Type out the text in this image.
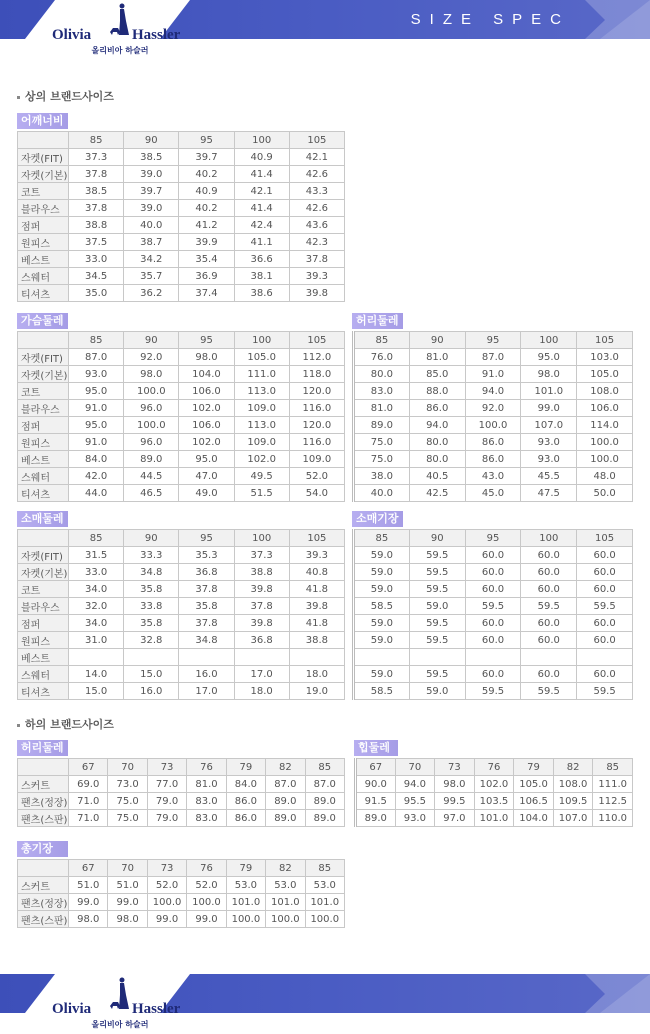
SIZE SPEC
Olivia	Hassler
올리비아 하슬러
상의 브랜드사이즈
하의 브랜드사이즈
어깨너비
	85	90	95	100	105
자켓(FIT)	37.3	38.5	39.7	40.9	42.1
자켓(기본)	37.8	39.0	40.2	41.4	42.6
코트	38.5	39.7	40.9	42.1	43.3
블라우스	37.8	39.0	40.2	41.4	42.6
점퍼	38.8	40.0	41.2	42.4	43.6
원피스	37.5	38.7	39.9	41.1	42.3
베스트	33.0	34.2	35.4	36.6	37.8
스웨터	34.5	35.7	36.9	38.1	39.3
티셔츠	35.0	36.2	37.4	38.6	39.8
가슴둘레
	85	90	95	100	105
자켓(FIT)	87.0	92.0	98.0	105.0	112.0
자켓(기본)	93.0	98.0	104.0	111.0	118.0
코트	95.0	100.0	106.0	113.0	120.0
블라우스	91.0	96.0	102.0	109.0	116.0
점퍼	95.0	100.0	106.0	113.0	120.0
원피스	91.0	96.0	102.0	109.0	116.0
베스트	84.0	89.0	95.0	102.0	109.0
스웨터	42.0	44.5	47.0	49.5	52.0
티셔츠	44.0	46.5	49.0	51.5	54.0
허리둘레
85	90	95	100	105
76.0	81.0	87.0	95.0	103.0
80.0	85.0	91.0	98.0	105.0
83.0	88.0	94.0	101.0	108.0
81.0	86.0	92.0	99.0	106.0
89.0	94.0	100.0	107.0	114.0
75.0	80.0	86.0	93.0	100.0
75.0	80.0	86.0	93.0	100.0
38.0	40.5	43.0	45.5	48.0
40.0	42.5	45.0	47.5	50.0
소매둘레
	85	90	95	100	105
자켓(FIT)	31.5	33.3	35.3	37.3	39.3
자켓(기본)	33.0	34.8	36.8	38.8	40.8
코트	34.0	35.8	37.8	39.8	41.8
블라우스	32.0	33.8	35.8	37.8	39.8
점퍼	34.0	35.8	37.8	39.8	41.8
원피스	31.0	32.8	34.8	36.8	38.8
베스트					
스웨터	14.0	15.0	16.0	17.0	18.0
티셔츠	15.0	16.0	17.0	18.0	19.0
소매기장
85	90	95	100	105
59.0	59.5	60.0	60.0	60.0
59.0	59.5	60.0	60.0	60.0
59.0	59.5	60.0	60.0	60.0
58.5	59.0	59.5	59.5	59.5
59.0	59.5	60.0	60.0	60.0
59.0	59.5	60.0	60.0	60.0

59.0	59.5	60.0	60.0	60.0
58.5	59.0	59.5	59.5	59.5
허리둘레
	67	70	73	76	79	82	85
스커트	69.0	73.0	77.0	81.0	84.0	87.0	87.0
팬츠(정장)	71.0	75.0	79.0	83.0	86.0	89.0	89.0
팬츠(스판)	71.0	75.0	79.0	83.0	86.0	89.0	89.0
힙둘레
67	70	73	76	79	82	85
90.0	94.0	98.0	102.0	105.0	108.0	111.0
91.5	95.5	99.5	103.5	106.5	109.5	112.5
89.0	93.0	97.0	101.0	104.0	107.0	110.0
총기장
	67	70	73	76	79	82	85
스커트	51.0	51.0	52.0	52.0	53.0	53.0	53.0
팬츠(정장)	99.0	99.0	100.0	100.0	101.0	101.0	101.0
팬츠(스판)	98.0	98.0	99.0	99.0	100.0	100.0	100.0
Olivia	Hassler
올리비아 하슬러
